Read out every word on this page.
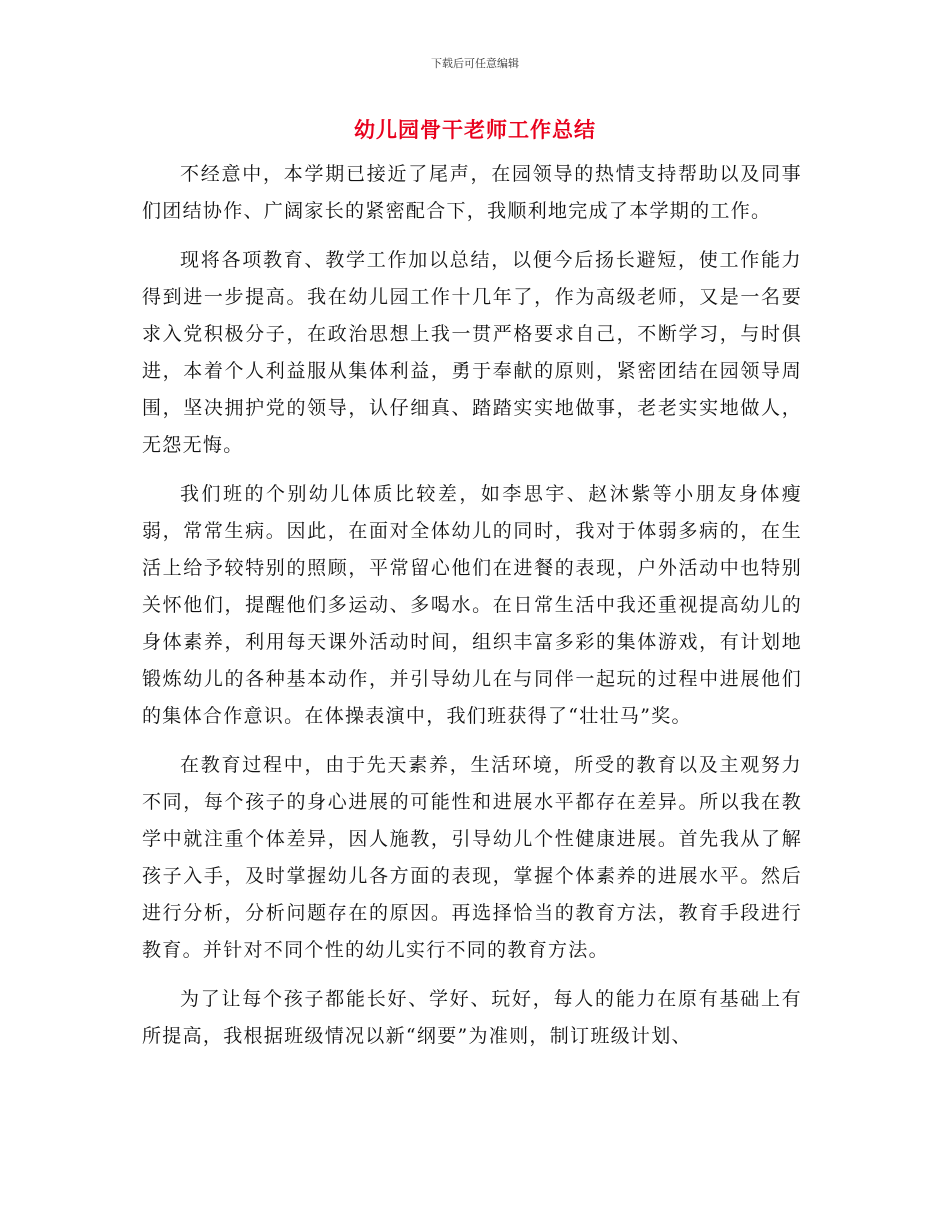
下载后可任意编辑
幼儿园骨干老师工作总结

不经意中，本学期已接近了尾声，在园领导的热情支持帮助以及同事们团结协作、广阔家长的紧密配合下，我顺利地完成了本学期的工作。

现将各项教育、教学工作加以总结，以便今后扬长避短，使工作能力得到进一步提高。我在幼儿园工作十几年了，作为高级老师，又是一名要求入党积极分子，在政治思想上我一贯严格要求自己，不断学习，与时俱进，本着个人利益服从集体利益，勇于奉献的原则，紧密团结在园领导周围，坚决拥护党的领导，认仔细真、踏踏实实地做事，老老实实地做人，无怨无悔。

我们班的个别幼儿体质比较差，如李思宇、赵沐紫等小朋友身体瘦弱，常常生病。因此，在面对全体幼儿的同时，我对于体弱多病的，在生活上给予较特别的照顾，平常留心他们在进餐的表现，户外活动中也特别关怀他们，提醒他们多运动、多喝水。在日常生活中我还重视提高幼儿的身体素养，利用每天课外活动时间，组织丰富多彩的集体游戏，有计划地锻炼幼儿的各种基本动作，并引导幼儿在与同伴一起玩的过程中进展他们的集体合作意识。在体操表演中，我们班获得了“壮壮马”奖。

在教育过程中，由于先天素养，生活环境，所受的教育以及主观努力不同，每个孩子的身心进展的可能性和进展水平都存在差异。所以我在教学中就注重个体差异，因人施教，引导幼儿个性健康进展。首先我从了解孩子入手，及时掌握幼儿各方面的表现，掌握个体素养的进展水平。然后进行分析，分析问题存在的原因。再选择恰当的教育方法，教育手段进行教育。并针对不同个性的幼儿实行不同的教育方法。

为了让每个孩子都能长好、学好、玩好，每人的能力在原有基础上有所提高，我根据班级情况以新“纲要”为准则，制订班级计划、
